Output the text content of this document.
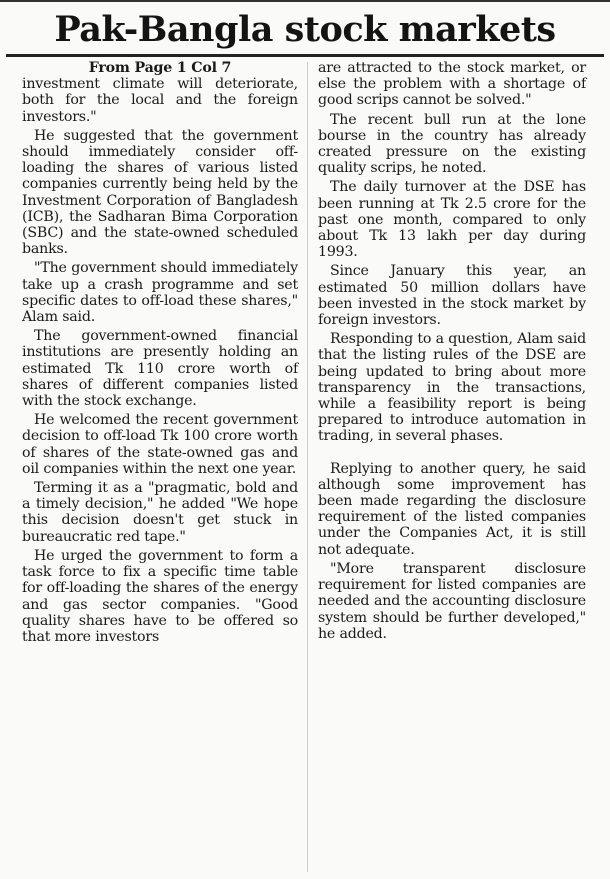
Pak-Bangla stock markets
From Page 1 Col 7

investment climate will deteriorate, both for the local and the foreign investors."

He suggested that the government should immediately consider off-loading the shares of various listed companies currently being held by the Investment Corporation of Bangladesh (ICB), the Sadharan Bima Corporation (SBC) and the state-owned scheduled banks.

"The government should immediately take up a crash programme and set specific dates to off-load these shares," Alam said.

The government-owned financial institutions are presently holding an estimated Tk 110 crore worth of shares of different companies listed with the stock exchange.

He welcomed the recent government decision to off-load Tk 100 crore worth of shares of the state-owned gas and oil companies within the next one year.

Terming it as a "pragmatic, bold and a timely decision," he added "We hope this decision doesn't get stuck in bureaucratic red tape."

He urged the government to form a task force to fix a specific time table for off-loading the shares of the energy and gas sector companies. "Good quality shares have to be offered so that more investors

are attracted to the stock market, or else the problem with a shortage of good scrips cannot be solved."

The recent bull run at the lone bourse in the country has already created pressure on the existing quality scrips, he noted.

The daily turnover at the DSE has been running at Tk 2.5 crore for the past one month, compared to only about Tk 13 lakh per day during 1993.

Since January this year, an estimated 50 million dollars have been invested in the stock market by foreign investors.

Responding to a question, Alam said that the listing rules of the DSE are being updated to bring about more transparency in the transactions, while a feasibility report is being prepared to introduce automation in trading, in several phases.

Replying to another query, he said although some improvement has been made regarding the disclosure requirement of the listed companies under the Companies Act, it is still not adequate.

"More transparent disclosure requirement for listed companies are needed and the accounting disclosure system should be further developed," he added.
